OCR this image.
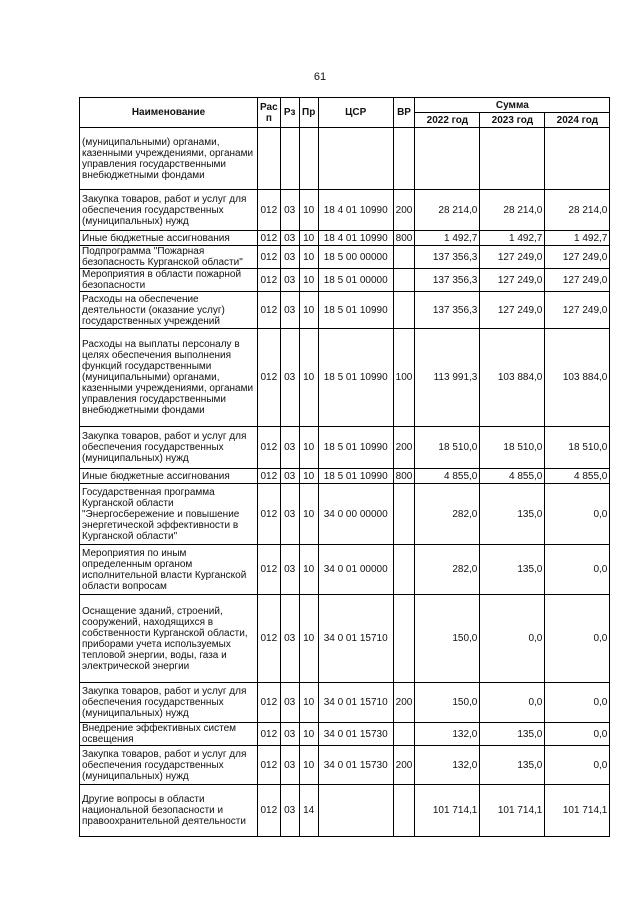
61
Наименование	Рас п	Рз	Пр	ЦСР	ВР	Сумма		
						2022 год	2023 год	2024 год
(муниципальными) органами, казенными учреждениями, органами управления государственными внебюджетными фондами								
Закупка товаров, работ и услуг для обеспечения государственных (муниципальных) нужд	012	03	10	18 4 01 10990	200	28 214,0	28 214,0	28 214,0
Иные бюджетные ассигнования	012	03	10	18 4 01 10990	800	1 492,7	1 492,7	1 492,7
Подпрограмма "Пожарная безопасность Курганской области"	012	03	10	18 5 00 00000		137 356,3	127 249,0	127 249,0
Мероприятия в области пожарной безопасности	012	03	10	18 5 01 00000		137 356,3	127 249,0	127 249,0
Расходы на обеспечение деятельности (оказание услуг) государственных учреждений	012	03	10	18 5 01 10990		137 356,3	127 249,0	127 249,0
Расходы на выплаты персоналу в целях обеспечения выполнения функций государственными (муниципальными) органами, казенными учреждениями, органами управления государственными внебюджетными фондами	012	03	10	18 5 01 10990	100	113 991,3	103 884,0	103 884,0
Закупка товаров, работ и услуг для обеспечения государственных (муниципальных) нужд	012	03	10	18 5 01 10990	200	18 510,0	18 510,0	18 510,0
Иные бюджетные ассигнования	012	03	10	18 5 01 10990	800	4 855,0	4 855,0	4 855,0
Государственная программа Курганской области "Энергосбережение и повышение энергетической эффективности в Курганской области"	012	03	10	34 0 00 00000		282,0	135,0	0,0
Мероприятия по иным определенным органом исполнительной власти Курганской области вопросам	012	03	10	34 0 01 00000		282,0	135,0	0,0
Оснащение зданий, строений, сооружений, находящихся в собственности Курганской области, приборами учета используемых тепловой энергии, воды, газа и электрической энергии	012	03	10	34 0 01 15710		150,0	0,0	0,0
Закупка товаров, работ и услуг для обеспечения государственных (муниципальных) нужд	012	03	10	34 0 01 15710	200	150,0	0,0	0,0
Внедрение эффективных систем освещения	012	03	10	34 0 01 15730		132,0	135,0	0,0
Закупка товаров, работ и услуг для обеспечения государственных (муниципальных) нужд	012	03	10	34 0 01 15730	200	132,0	135,0	0,0
Другие вопросы в области национальной безопасности и правоохранительной деятельности	012	03	14			101 714,1	101 714,1	101 714,1
